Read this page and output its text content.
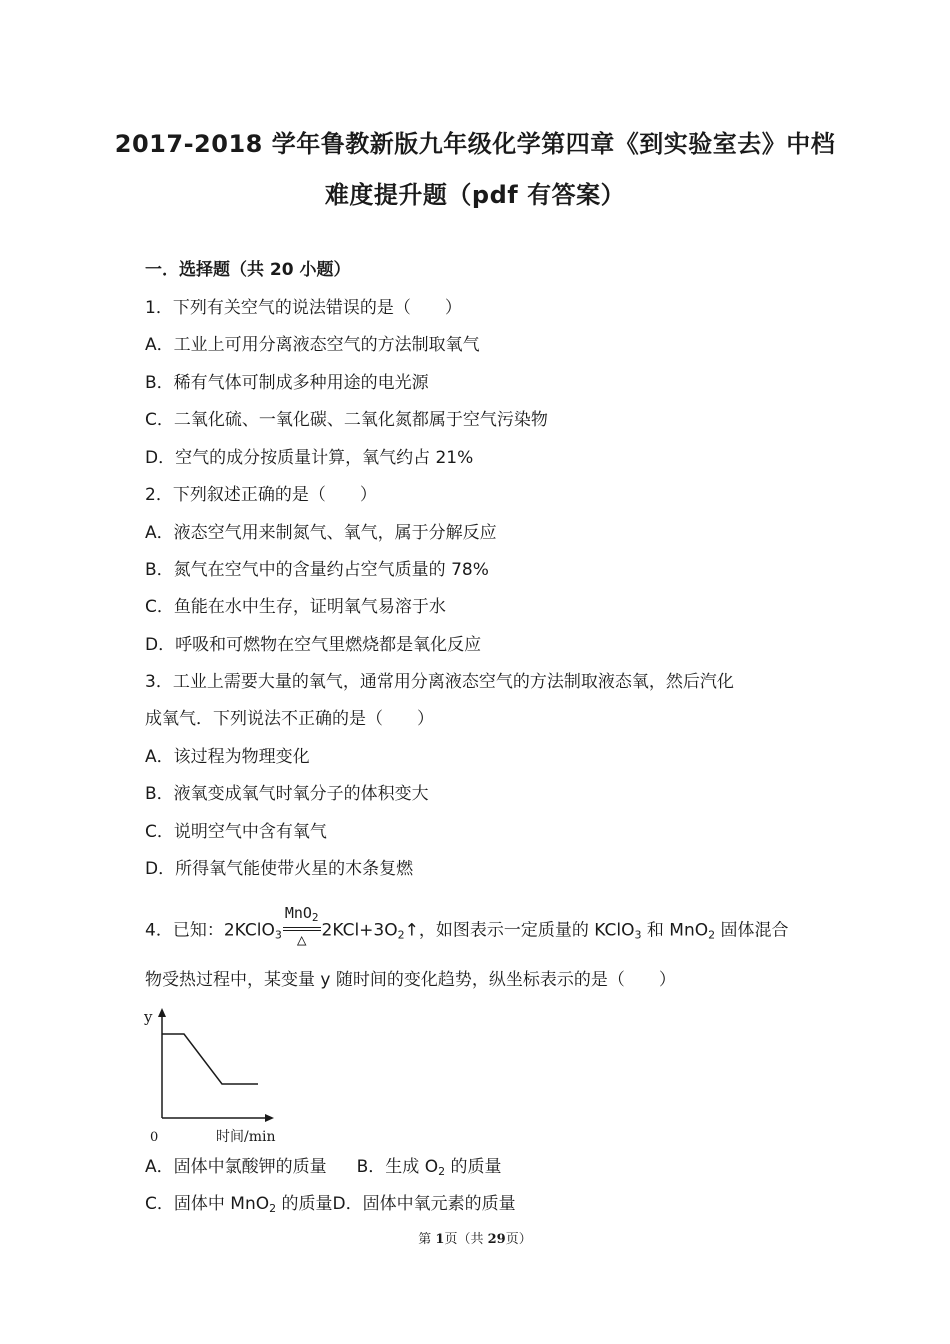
2017-2018 学年鲁教新版九年级化学第四章《到实验室去》中档
难度提升题（pdf 有答案）
一．选择题（共 20 小题）
1．下列有关空气的说法错误的是（　　）
A．工业上可用分离液态空气的方法制取氧气
B．稀有气体可制成多种用途的电光源
C．二氧化硫、一氧化碳、二氧化氮都属于空气污染物
D．空气的成分按质量计算，氧气约占 21%
2．下列叙述正确的是（　　）
A．液态空气用来制氮气、氧气，属于分解反应
B．氮气在空气中的含量约占空气质量的 78%
C．鱼能在水中生存，证明氧气易溶于水
D．呼吸和可燃物在空气里燃烧都是氧化反应
3．工业上需要大量的氧气，通常用分离液态空气的方法制取液态氧，然后汽化
成氧气．下列说法不正确的是（　　）
A．该过程为物理变化
B．液氧变成氧气时氧分子的体积变大
C．说明空气中含有氧气
D．所得氧气能使带火星的木条复燃
4．已知：2KClO$_3$ $\frac{MnO_2}{\triangle}$ $2KCl+3O_2↑$，如图表示一定质量的 KClO$_3$ 和 MnO$_2$ 固体混合
物受热过程中，某变量 y 随时间的变化趋势，纵坐标表示的是（　　）
y
0	时间/min
A．固体中氯酸钾的质量 B．生成 $O_2$ 的质量
C．固体中 MnO$_2$ 的质量D．固体中氧元素的质量
第 1页（共 29页）
